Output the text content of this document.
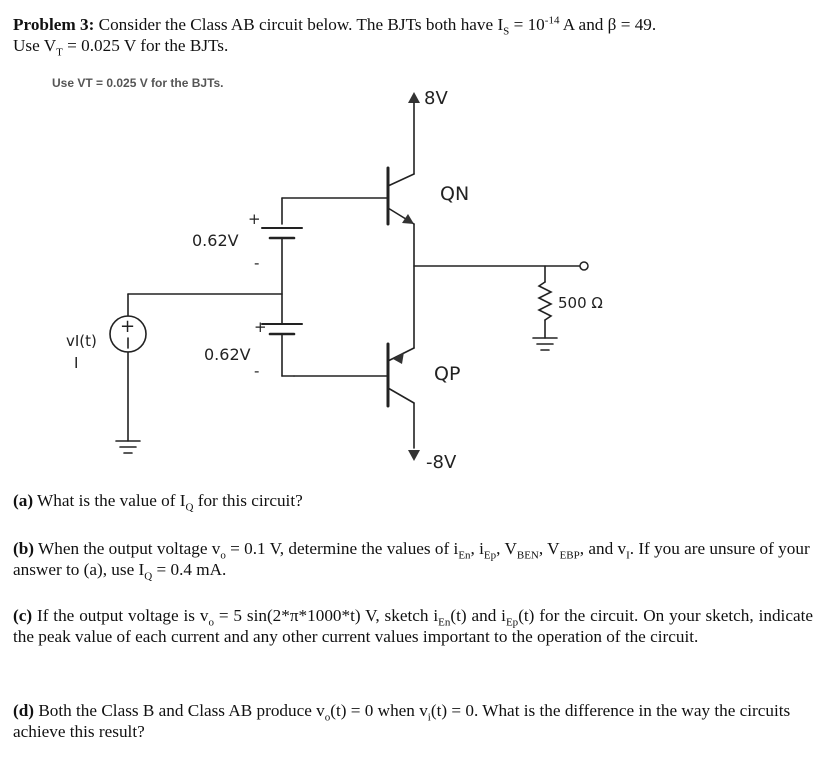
Problem 3: Consider the Class AB circuit below. The BJTs both have $I_S = 10^{-14}$ A and β = 49.
Use $V_T = 0.025$ V for the BJTs.
Use VT = 0.025 V for the BJTs.
8V
QN
QP
-8V
0.62V
+
-
0.62V
+
-
+
vI(t)
I
500 Ω
(a) What is the value of $I_Q$ for this circuit?
(b) When the output voltage $v_o = 0.1$ V, determine the values of $i_{En}$, $i_{Ep}$, $V_{BEN}$, $V_{EBP}$, and $v_I$. If you are unsure of your answer to (a), use $I_Q = 0.4$ mA.
(c) If the output voltage is $v_o = 5$ sin(2*π*1000*t) V, sketch $i_{En}(t)$ and $i_{Ep}(t)$ for the circuit. On your sketch, indicate the peak value of each current and any other current values important to the operation of the circuit.
(d) Both the Class B and Class AB produce $v_o(t) = 0$ when $v_i(t) = 0$. What is the difference in the way the circuits achieve this result?
